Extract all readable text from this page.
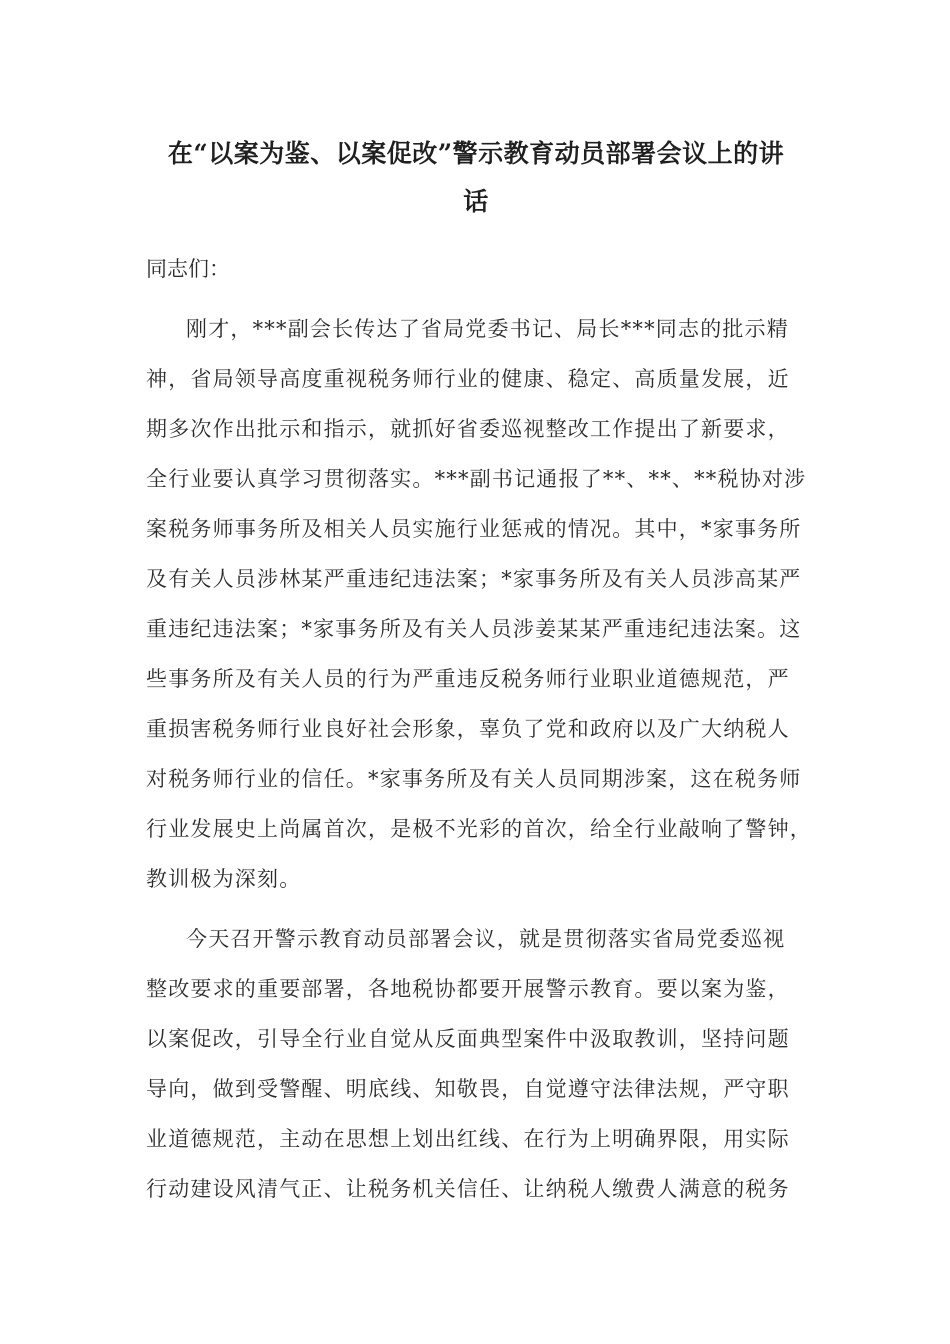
在“以案为鉴、以案促改”警示教育动员部署会议上的讲
话
同志们：
刚才，***副会长传达了省局党委书记、局长***同志的批示精
神，省局领导高度重视税务师行业的健康、稳定、高质量发展，近
期多次作出批示和指示，就抓好省委巡视整改工作提出了新要求，
全行业要认真学习贯彻落实。***副书记通报了**、**、**税协对涉
案税务师事务所及相关人员实施行业惩戒的情况。其中，*家事务所
及有关人员涉林某严重违纪违法案；*家事务所及有关人员涉高某严
重违纪违法案；*家事务所及有关人员涉姜某某严重违纪违法案。这
些事务所及有关人员的行为严重违反税务师行业职业道德规范，严
重损害税务师行业良好社会形象，辜负了党和政府以及广大纳税人
对税务师行业的信任。*家事务所及有关人员同期涉案，这在税务师
行业发展史上尚属首次，是极不光彩的首次，给全行业敲响了警钟，
教训极为深刻。
今天召开警示教育动员部署会议，就是贯彻落实省局党委巡视
整改要求的重要部署，各地税协都要开展警示教育。要以案为鉴，
以案促改，引导全行业自觉从反面典型案件中汲取教训，坚持问题
导向，做到受警醒、明底线、知敬畏，自觉遵守法律法规，严守职
业道德规范，主动在思想上划出红线、在行为上明确界限，用实际
行动建设风清气正、让税务机关信任、让纳税人缴费人满意的税务
